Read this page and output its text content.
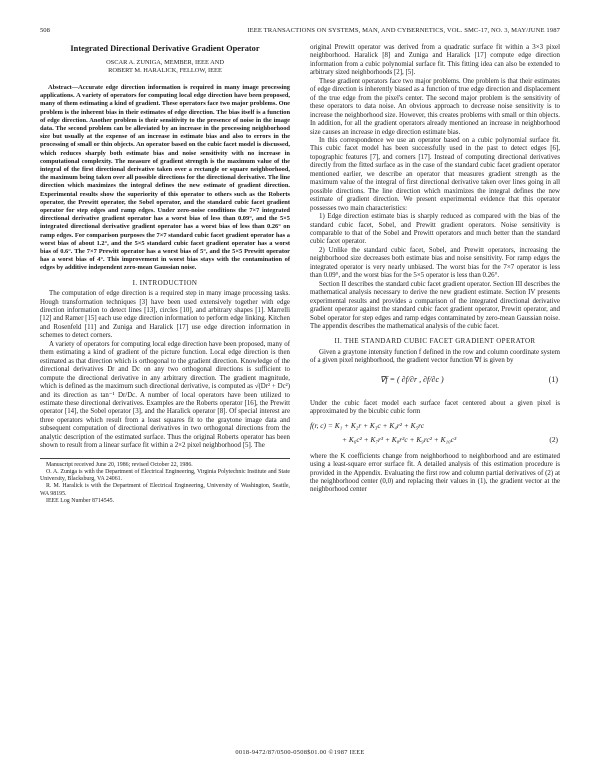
508	IEEE TRANSACTIONS ON SYSTEMS, MAN, AND CYBERNETICS, VOL. SMC-17, NO. 3, MAY/JUNE 1987
Integrated Directional Derivative Gradient Operator
OSCAR A. ZUNIGA, MEMBER, IEEE AND
ROBERT M. HARALICK, FELLOW, IEEE

Abstract—Accurate edge direction information is required in many image processing applications. A variety of operators for computing local edge direction have been proposed, many of them estimating a kind of gradient. These operators face two major problems. One problem is the inherent bias in their estimates of edge direction. The bias itself is a function of edge direction. Another problem is their sensitivity to the presence of noise in the image data. The second problem can be alleviated by an increase in the processing neighborhood size but usually at the expense of an increase in estimate bias and also to errors in the processing of small or thin objects. An operator based on the cubic facet model is discussed, which reduces sharply both estimate bias and noise sensitivity with no increase in computational complexity. The measure of gradient strength is the maximum value of the integral of the first directional derivative taken over a rectangle or square neighborhood, the maximum being taken over all possible directions for the directional derivative. The line direction which maximizes the integral defines the new estimate of gradient direction. Experimental results show the superiority of this operator to others such as the Roberts operator, the Prewitt operator, the Sobel operator, and the standard cubic facet gradient operator for step edges and ramp edges. Under zero-noise conditions the 7×7 integrated directional derivative gradient operator has a worst bias of less than 0.09°, and the 5×5 integrated directional derivative gradient operator has a worst bias of less than 0.26° on ramp edges. For comparison purposes the 7×7 standard cubic facet gradient operator has a worst bias of about 1.2°, and the 5×5 standard cubic facet gradient operator has a worst bias of 0.6°. The 7×7 Prewitt operator has a worst bias of 5°, and the 5×5 Prewitt operator has a worst bias of 4°. This improvement in worst bias stays with the contamination of edges by additive independent zero-mean Gaussian noise.

I. INTRODUCTION

The computation of edge direction is a required step in many image processing tasks. Hough transformation techniques [3] have been used extensively together with edge direction information to detect lines [13], circles [10], and arbitrary shapes [1]. Marrelli [12] and Ramer [15] each use edge direction information to perform edge linking. Kitchen and Rosenfeld [11] and Zuniga and Haralick [17] use edge direction information in schemes to detect corners.

A variety of operators for computing local edge direction have been proposed, many of them estimating a kind of gradient of the picture function. Local edge direction is then estimated as that direction which is orthogonal to the gradient direction. Knowledge of the directional derivatives Dr and Dc on any two orthogonal directions is sufficient to compute the directional derivative in any arbitrary direction. The gradient magnitude, which is defined as the maximum such directional derivative, is computed as √(Dr² + Dc²) and its direction as tan⁻¹ Dr/Dc. A number of local operators have been utilized to estimate these directional derivatives. Examples are the Roberts operator [16], the Prewitt operator [14], the Sobel operator [3], and the Haralick operator [8]. Of special interest are three operators which result from a least squares fit to the graytone image data and subsequent computation of directional derivatives in two orthogonal directions from the analytic description of the estimated surface. Thus the original Roberts operator has been shown to result from a linear surface fit within a 2×2 pixel neighborhood [5]. The

Manuscript received June 20, 1986; revised October 22, 1986.

O. A. Zuniga is with the Department of Electrical Engineering, Virginia Polytechnic Institute and State University, Blacksburg, VA 24061.

R. M. Haralick is with the Department of Electrical Engineering, University of Washington, Seattle, WA 98195.

IEEE Log Number 8714545.

original Prewitt operator was derived from a quadratic surface fit within a 3×3 pixel neighborhood. Haralick [8] and Zuniga and Haralick [17] compute edge direction information from a cubic polynomial surface fit. This fitting idea can also be extended to arbitrary sized neighborhoods [2], [5].

These gradient operators face two major problems. One problem is that their estimates of edge direction is inherently biased as a function of true edge direction and displacement of the true edge from the pixel's center. The second major problem is the sensitivity of these operators to data noise. An obvious approach to decrease noise sensitivity is to increase the neighborhood size. However, this creates problems with small or thin objects. In addition, for all the gradient operators already mentioned an increase in neighborhood size causes an increase in edge direction estimate bias.

In this correspondence we use an operator based on a cubic polynomial surface fit. This cubic facet model has been successfully used in the past to detect edges [6], topographic features [7], and corners [17]. Instead of computing directional derivatives directly from the fitted surface as in the case of the standard cubic facet gradient operator mentioned earlier, we describe an operator that measures gradient strength as the maximum value of the integral of first directional derivative taken over lines going in all possible directions. The line direction which maximizes the integral defines the new estimate of gradient direction. We present experimental evidence that this operator possesses two main characteristics:

1) Edge direction estimate bias is sharply reduced as compared with the bias of the standard cubic facet, Sobel, and Prewitt gradient operators. Noise sensitivity is comparable to that of the Sobel and Prewitt operators and much better than the standard cubic facet operator.

2) Unlike the standard cubic facet, Sobel, and Prewitt operators, increasing the neighborhood size decreases both estimate bias and noise sensitivity. For ramp edges the integrated operator is very nearly unbiased. The worst bias for the 7×7 operator is less than 0.09°, and the worst bias for the 5×5 operator is less than 0.26°.

Section II describes the standard cubic facet gradient operator. Section III describes the mathematical analysis necessary to derive the new gradient estimate. Section IV presents experimental results and provides a comparison of the integrated directional derivative gradient operator against the standard cubic facet gradient operator, Prewitt operator, and Sobel operator for step edges and ramp edges contaminated by zero-mean Gaussian noise. The appendix describes the mathematical analysis of the cubic facet.

II. THE STANDARD CUBIC FACET GRADIENT OPERATOR

Given a graytone intensity function f defined in the row and column coordinate system of a given pixel neighborhood, the gradient vector function ∇f is given by

∇f = ( ∂f/∂r , ∂f/∂c )	(1)

Under the cubic facet model each surface facet centered about a given pixel is approximated by the bicubic cubic form

f(r, c) = K₁ + K₂r + K₃c + K₄r² + K₅rc
+ K₆c² + K₇r³ + K₈r²c + K₉rc² + K₁₀c³	(2)

where the K coefficients change from neighborhood to neighborhood and are estimated using a least-square error surface fit. A detailed analysis of this estimation procedure is provided in the Appendix. Evaluating the first row and column partial derivatives of (2) at the neighborhood center (0,0) and replacing their values in (1), the gradient vector at the neighborhood center

0018-9472/87/0500-0508$01.00 ©1987 IEEE
